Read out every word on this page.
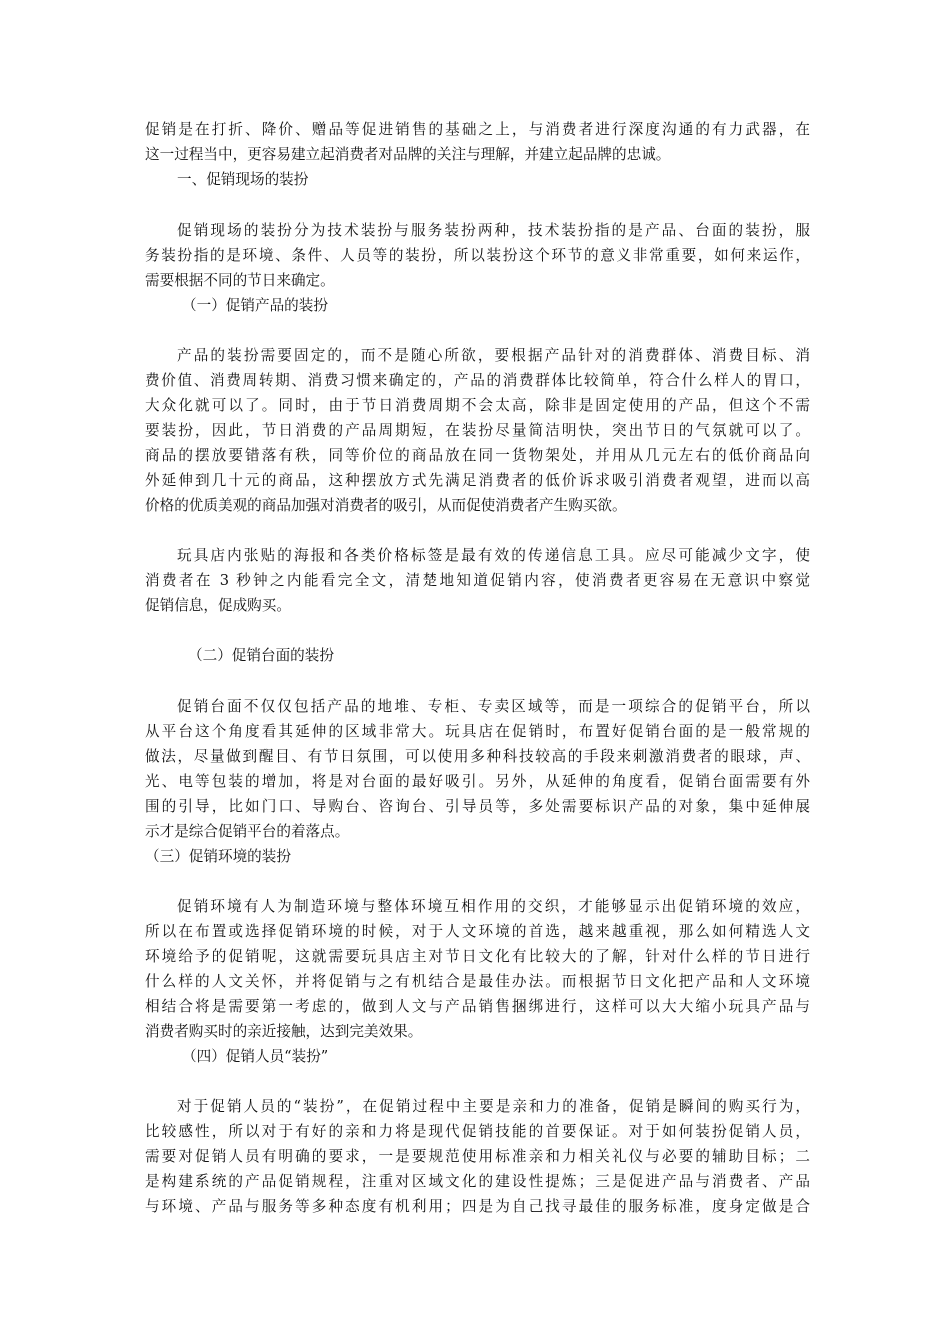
促销是在打折、降价、赠品等促进销售的基础之上，与消费者进行深度沟通的有力武器，在
这一过程当中，更容易建立起消费者对品牌的关注与理解，并建立起品牌的忠诚。
一、促销现场的装扮
促销现场的装扮分为技术装扮与服务装扮两种，技术装扮指的是产品、台面的装扮，服
务装扮指的是环境、条件、人员等的装扮，所以装扮这个环节的意义非常重要，如何来运作，
需要根据不同的节日来确定。
（一）促销产品的装扮
产品的装扮需要固定的，而不是随心所欲，要根据产品针对的消费群体、消费目标、消
费价值、消费周转期、消费习惯来确定的，产品的消费群体比较简单，符合什么样人的胃口，
大众化就可以了。同时，由于节日消费周期不会太高，除非是固定使用的产品，但这个不需
要装扮，因此，节日消费的产品周期短，在装扮尽量简洁明快，突出节日的气氛就可以了。
商品的摆放要错落有秩，同等价位的商品放在同一货物架处，并用从几元左右的低价商品向
外延伸到几十元的商品，这种摆放方式先满足消费者的低价诉求吸引消费者观望，进而以高
价格的优质美观的商品加强对消费者的吸引，从而促使消费者产生购买欲。
玩具店内张贴的海报和各类价格标签是最有效的传递信息工具。应尽可能减少文字，使
消费者在 3 秒钟之内能看完全文，清楚地知道促销内容，使消费者更容易在无意识中察觉
促销信息，促成购买。
（二）促销台面的装扮
促销台面不仅仅包括产品的地堆、专柜、专卖区域等，而是一项综合的促销平台，所以
从平台这个角度看其延伸的区域非常大。玩具店在促销时，布置好促销台面的是一般常规的
做法，尽量做到醒目、有节日氛围，可以使用多种科技较高的手段来刺激消费者的眼球，声、
光、电等包装的增加，将是对台面的最好吸引。另外，从延伸的角度看，促销台面需要有外
围的引导，比如门口、导购台、咨询台、引导员等，多处需要标识产品的对象，集中延伸展
示才是综合促销平台的着落点。
（三）促销环境的装扮
促销环境有人为制造环境与整体环境互相作用的交织，才能够显示出促销环境的效应，
所以在布置或选择促销环境的时候，对于人文环境的首选，越来越重视，那么如何精选人文
环境给予的促销呢，这就需要玩具店主对节日文化有比较大的了解，针对什么样的节日进行
什么样的人文关怀，并将促销与之有机结合是最佳办法。而根据节日文化把产品和人文环境
相结合将是需要第一考虑的，做到人文与产品销售捆绑进行，这样可以大大缩小玩具产品与
消费者购买时的亲近接触，达到完美效果。
（四）促销人员“装扮”
对于促销人员的“装扮”，在促销过程中主要是亲和力的准备，促销是瞬间的购买行为，
比较感性，所以对于有好的亲和力将是现代促销技能的首要保证。对于如何装扮促销人员，
需要对促销人员有明确的要求，一是要规范使用标准亲和力相关礼仪与必要的辅助目标；二
是构建系统的产品促销规程，注重对区域文化的建设性提炼；三是促进产品与消费者、产品
与环境、产品与服务等多种态度有机利用；四是为自己找寻最佳的服务标准，度身定做是合
